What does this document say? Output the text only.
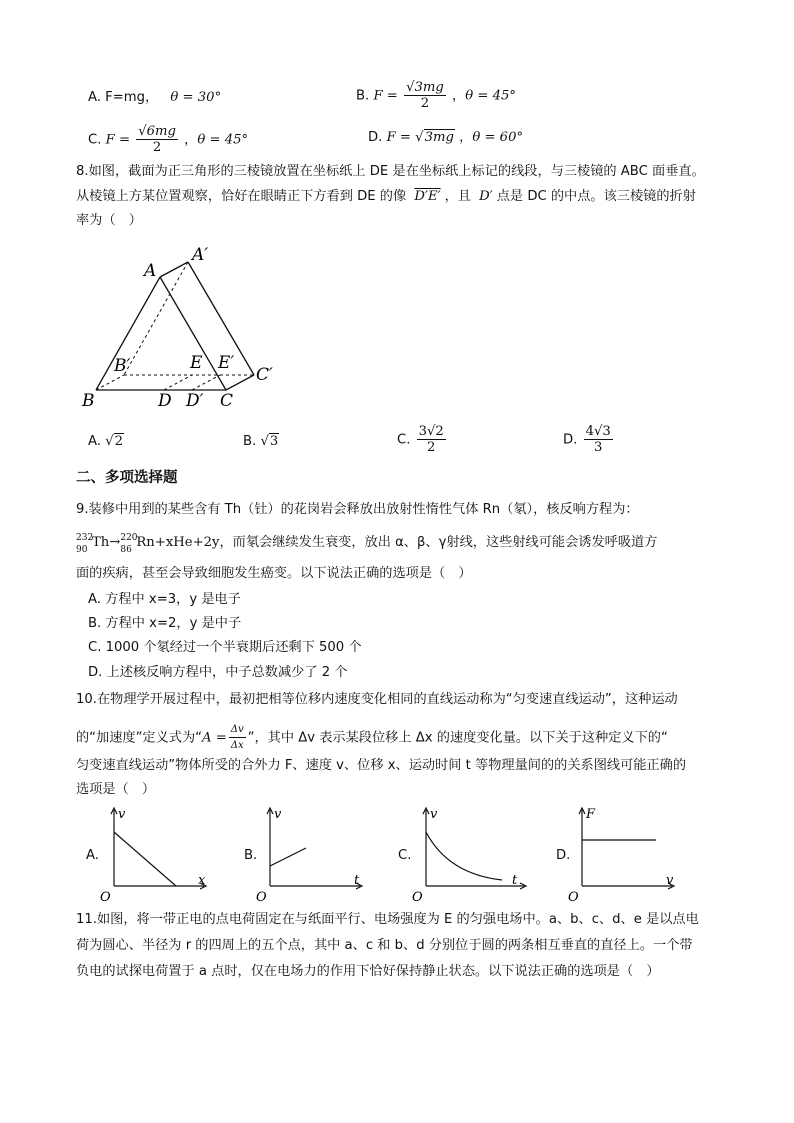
A. F=mg， θ = 30°	B. $F = \frac{√3mg}{2}$ ，θ = 45°
C. $F = \frac{√6mg}{2}$ ，θ = 45°	D. F = √3mg ，θ = 60°
8.如图，截面为正三角形的三棱镜放置在坐标纸上 DE 是在坐标纸上标记的线段，与三棱镜的 ABC 面垂直。
从棱镜上方某位置观察，恰好在眼睛正下方看到 DE 的像 D′E′ ，且 D′ 点是 DC 的中点。该三棱镜的折射
率为（　）
A
A′
B
B′
C
C′
D D′
E E′
A. √2	B. √3	C. $\frac{3√2}{2}$	D. $\frac{4√3}{3}$
二、多项选择题
9.装修中用到的某些含有 Th（钍）的花岗岩会释放出放射性惰性气体 Rn（氡），核反响方程为：
232
90 Th→ 220
86 Rn+xHe+2y，而氡会继续发生衰变，放出 α、β、γ射线，这些射线可能会诱发呼吸道方
面的疾病，甚至会导致细胞发生癌变。以下说法正确的选项是（　）
A. 方程中 x=3，y 是电子
B. 方程中 x=2，y 是中子
C. 1000 个氡经过一个半衰期后还剩下 500 个
D. 上述核反响方程中，中子总数减少了 2 个
10.在物理学开展过程中，最初把相等位移内速度变化相同的直线运动称为“匀变速直线运动”，这种运动
的“加速度”定义式为“$A = \frac{\Delta v}{\Delta x}$ ”，其中 Δv 表示某段位移上 Δx 的速度变化量。以下关于这种定义下的“
匀变速直线运动”物体所受的合外力 F、速度 v、位移 x、运动时间 t 等物理量间的的关系图线可能正确的
选项是（　）
A.
v
x
O
B.
v
t
O
C.
v
t
O
D.
F
v
O
11.如图，将一带正电的点电荷固定在与纸面平行、电场强度为 E 的匀强电场中。a、b、c、d、e 是以点电
荷为圆心、半径为 r 的四周上的五个点，其中 a、c 和 b、d 分别位于圆的两条相互垂直的直径上。一个带
负电的试探电荷置于 a 点时，仅在电场力的作用下恰好保持静止状态。以下说法正确的选项是（　）
